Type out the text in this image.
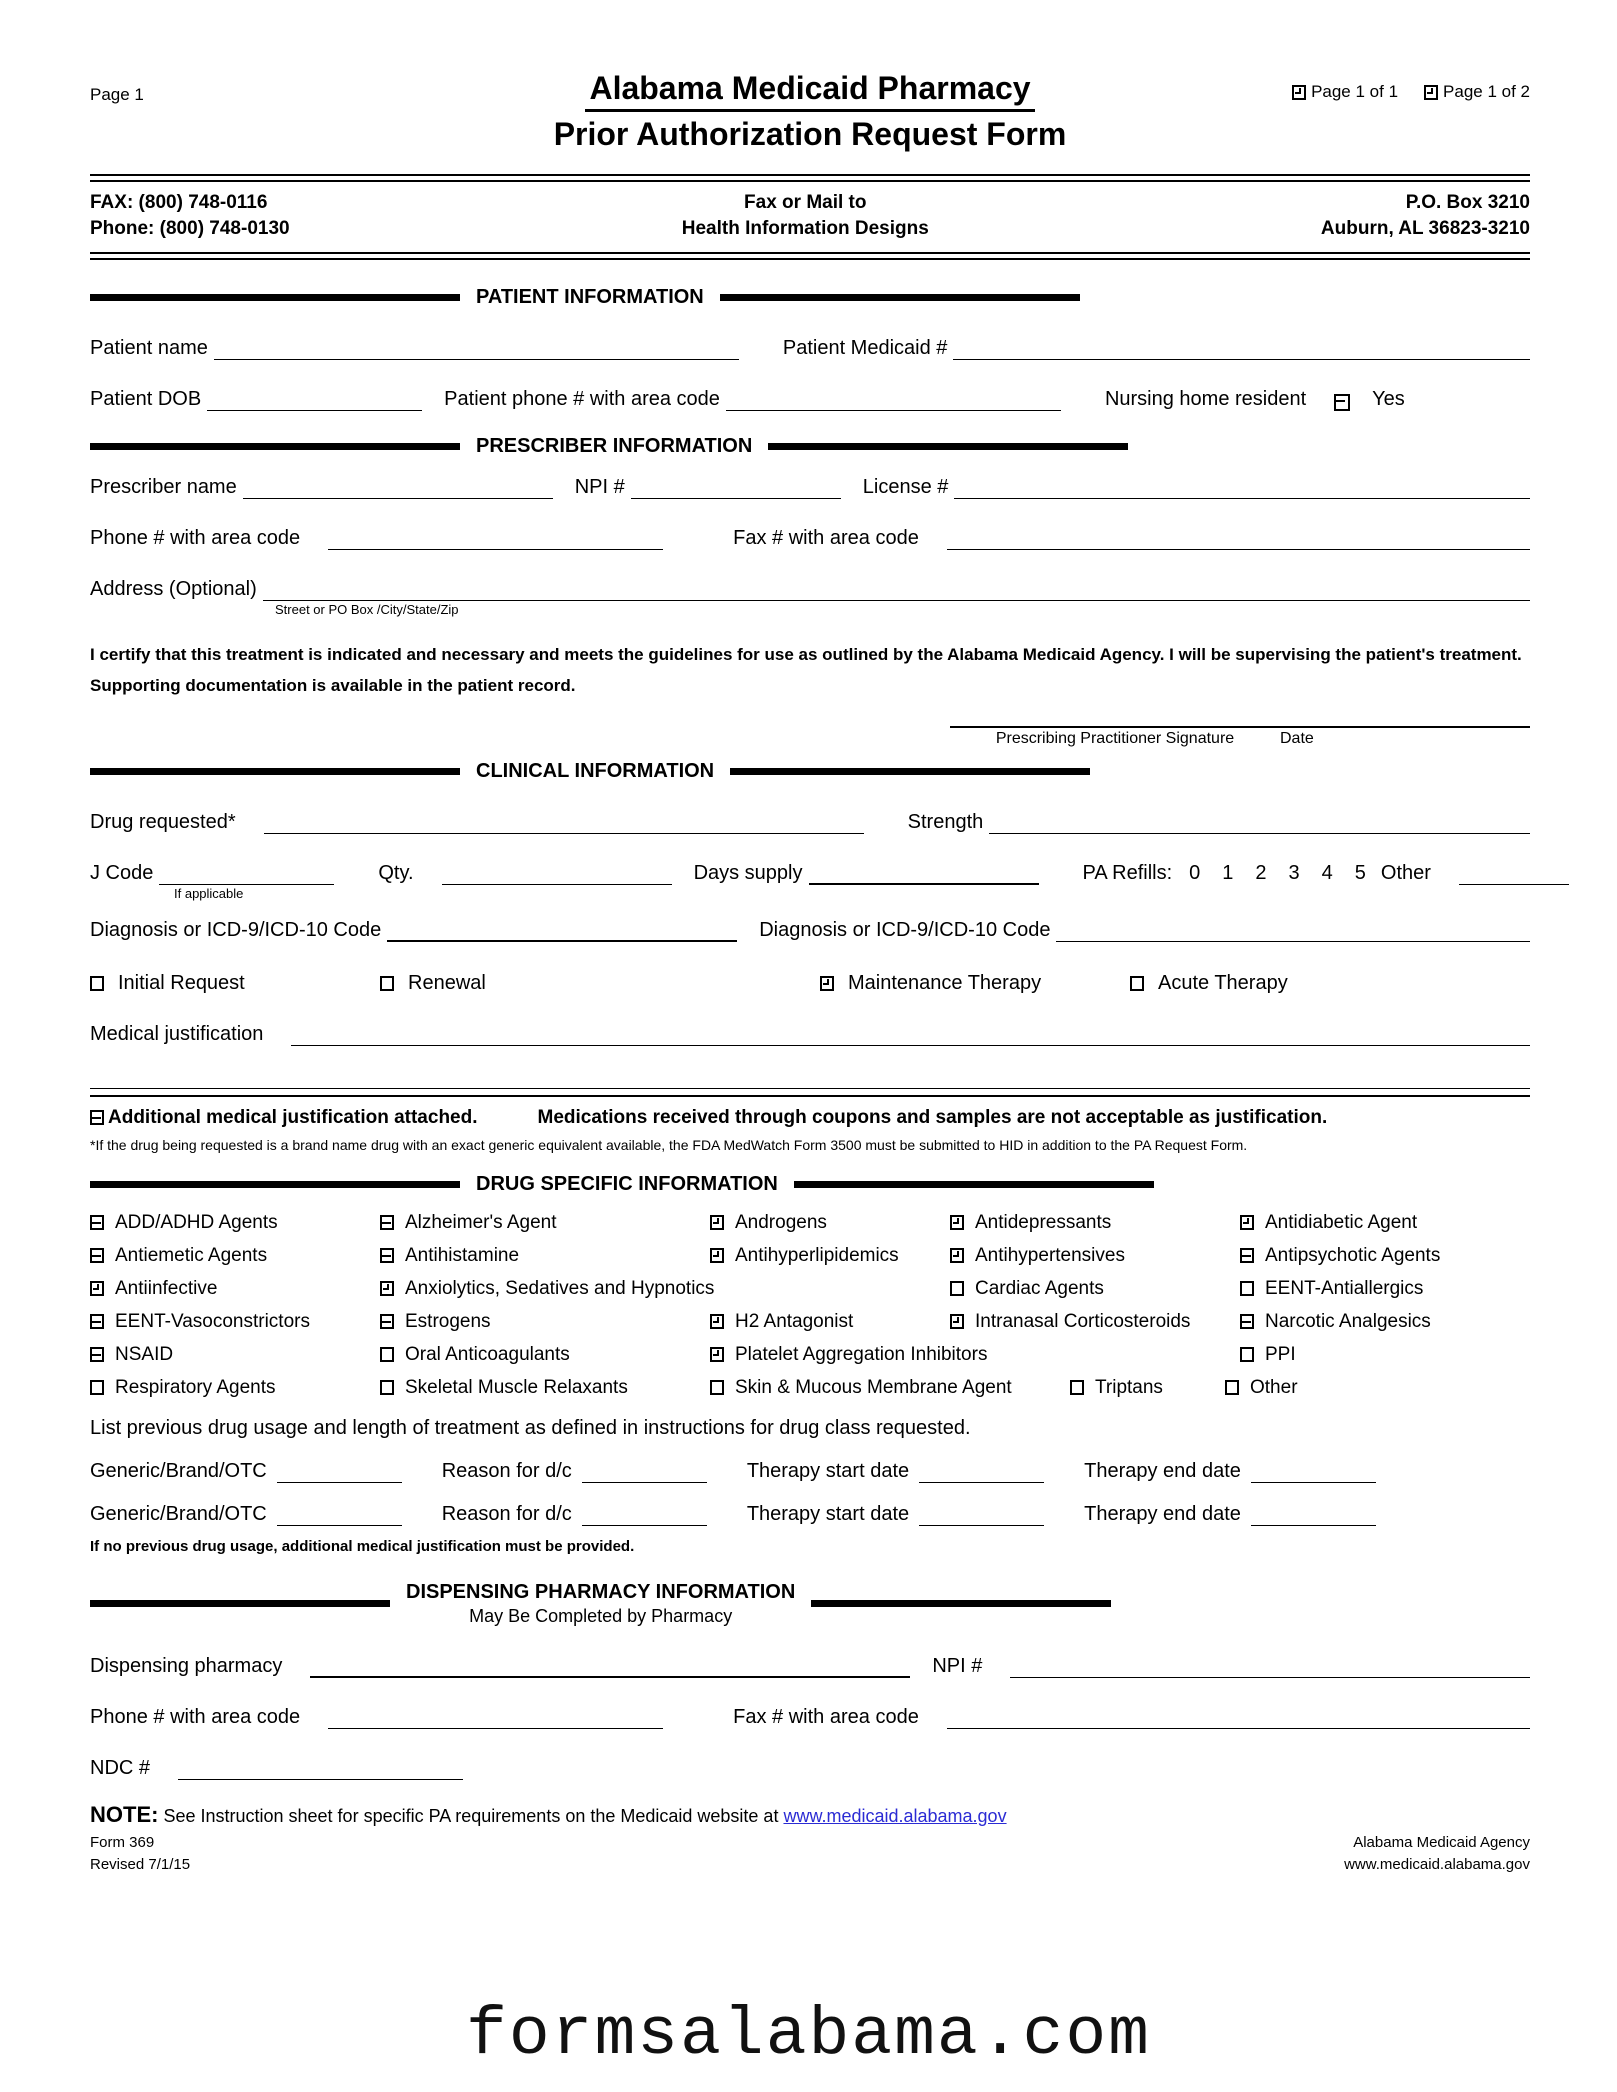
Page 1	Page 1 of 1	Page 1 of 2
Alabama Medicaid Pharmacy
Prior Authorization Request Form
FAX: (800) 748-0116
Phone: (800) 748-0130
Fax or Mail to
Health Information Designs
P.O. Box 3210
Auburn, AL 36823-3210
PATIENT INFORMATION
Patient name	Patient Medicaid #
Patient DOB	Patient phone # with area code	Nursing home resident	Yes
PRESCRIBER INFORMATION
Prescriber name	NPI #	License #
Phone # with area code	Fax # with area code
Address (Optional)
Street or PO Box /City/State/Zip
I certify that this treatment is indicated and necessary and meets the guidelines for use as outlined by the Alabama Medicaid Agency. I will be supervising the patient's treatment. Supporting documentation is available in the patient record.
Prescribing Practitioner Signature	Date
CLINICAL INFORMATION
Drug requested*	Strength
J Code	Qty.	Days supply	PA Refills: 0	1	2	3	4	5 Other
If applicable
Diagnosis or ICD-9/ICD-10 Code	Diagnosis or ICD-9/ICD-10 Code
Initial Request	Renewal	Maintenance Therapy	Acute Therapy
Medical justification
Additional medical justification attached.	Medications received through coupons and samples are not acceptable as justification.
*If the drug being requested is a brand name drug with an exact generic equivalent available, the FDA MedWatch Form 3500 must be submitted to HID in addition to the PA Request Form.
DRUG SPECIFIC INFORMATION
ADD/ADHD Agents	Alzheimer's Agent	Androgens	Antidepressants	Antidiabetic Agent
Antiemetic Agents	Antihistamine	Antihyperlipidemics	Antihypertensives	Antipsychotic Agents
Antiinfective	Anxiolytics, Sedatives and Hypnotics	Cardiac Agents	EENT-Antiallergics
EENT-Vasoconstrictors	Estrogens	H2 Antagonist	Intranasal Corticosteroids	Narcotic Analgesics
NSAID	Oral Anticoagulants	Platelet Aggregation Inhibitors	PPI
Respiratory Agents	Skeletal Muscle Relaxants	Skin & Mucous Membrane Agent	Triptans	Other
List previous drug usage and length of treatment as defined in instructions for drug class requested.
Generic/Brand/OTC	Reason for d/c	Therapy start date	Therapy end date
Generic/Brand/OTC	Reason for d/c	Therapy start date	Therapy end date
If no previous drug usage, additional medical justification must be provided.
DISPENSING PHARMACY INFORMATION
May Be Completed by Pharmacy
Dispensing pharmacy	NPI #
Phone # with area code	Fax # with area code
NDC #
NOTE: See Instruction sheet for specific PA requirements on the Medicaid website at www.medicaid.alabama.gov
Form 369
Revised 7/1/15
Alabama Medicaid Agency
www.medicaid.alabama.gov
formsalabama.com
